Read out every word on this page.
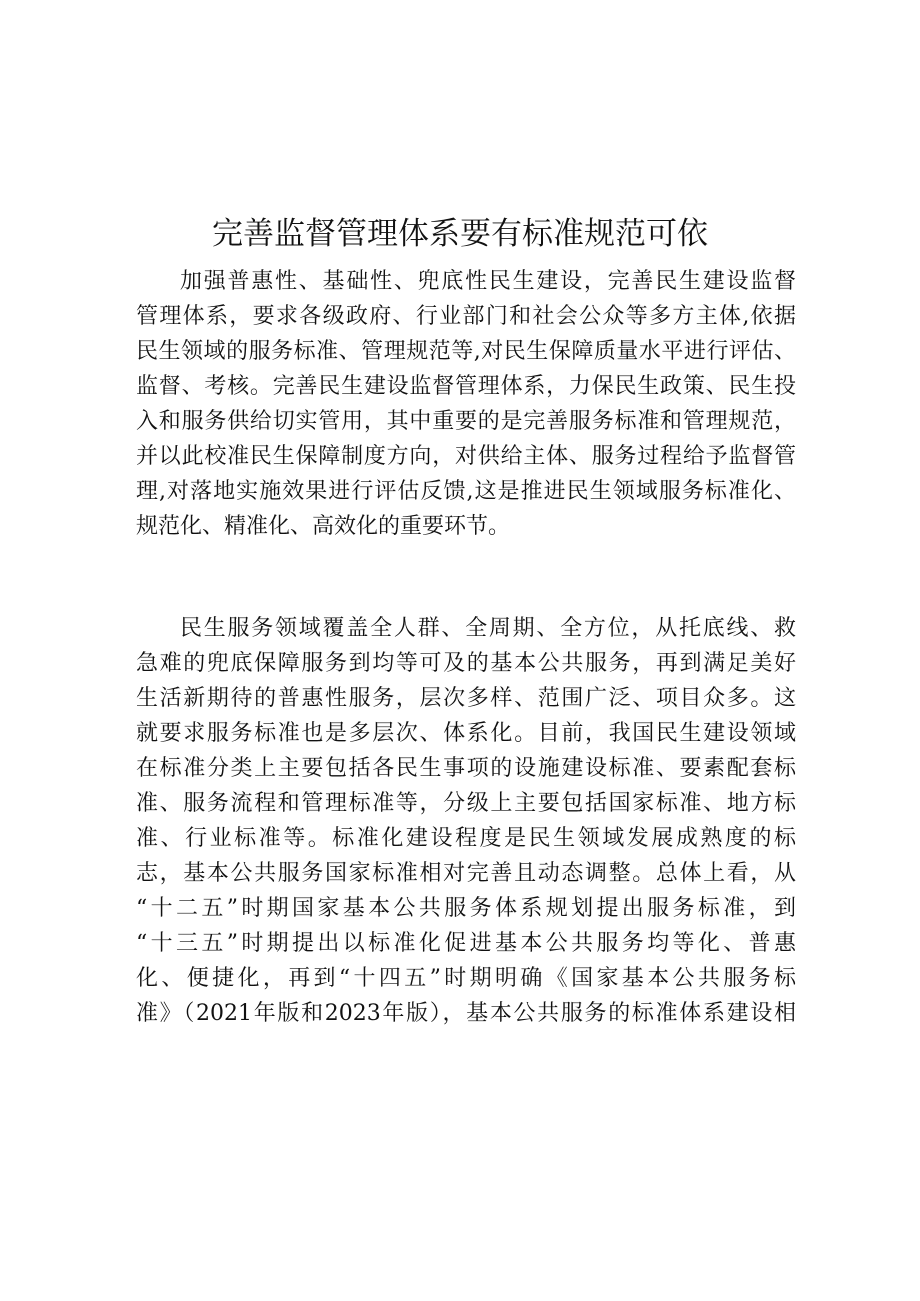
完善监督管理体系要有标准规范可依
加强普惠性、基础性、兜底性民生建设，完善民生建设监督
管理体系，要求各级政府、行业部门和社会公众等多方主体,依据
民生领域的服务标准、管理规范等,对民生保障质量水平进行评估、
监督、考核。完善民生建设监督管理体系，力保民生政策、民生投
入和服务供给切实管用，其中重要的是完善服务标准和管理规范，
并以此校准民生保障制度方向，对供给主体、服务过程给予监督管
理,对落地实施效果进行评估反馈,这是推进民生领域服务标准化、
规范化、精准化、高效化的重要环节。
民生服务领域覆盖全人群、全周期、全方位，从托底线、救
急难的兜底保障服务到均等可及的基本公共服务，再到满足美好
生活新期待的普惠性服务，层次多样、范围广泛、项目众多。这
就要求服务标准也是多层次、体系化。目前，我国民生建设领域
在标准分类上主要包括各民生事项的设施建设标准、要素配套标
准、服务流程和管理标准等，分级上主要包括国家标准、地方标
准、行业标准等。标准化建设程度是民生领域发展成熟度的标
志，基本公共服务国家标准相对完善且动态调整。总体上看，从
“十二五”时期国家基本公共服务体系规划提出服务标准，到
“十三五”时期提出以标准化促进基本公共服务均等化、普惠
化、便捷化，再到“十四五”时期明确《国家基本公共服务标
准》（2021年版和2023年版），基本公共服务的标准体系建设相
